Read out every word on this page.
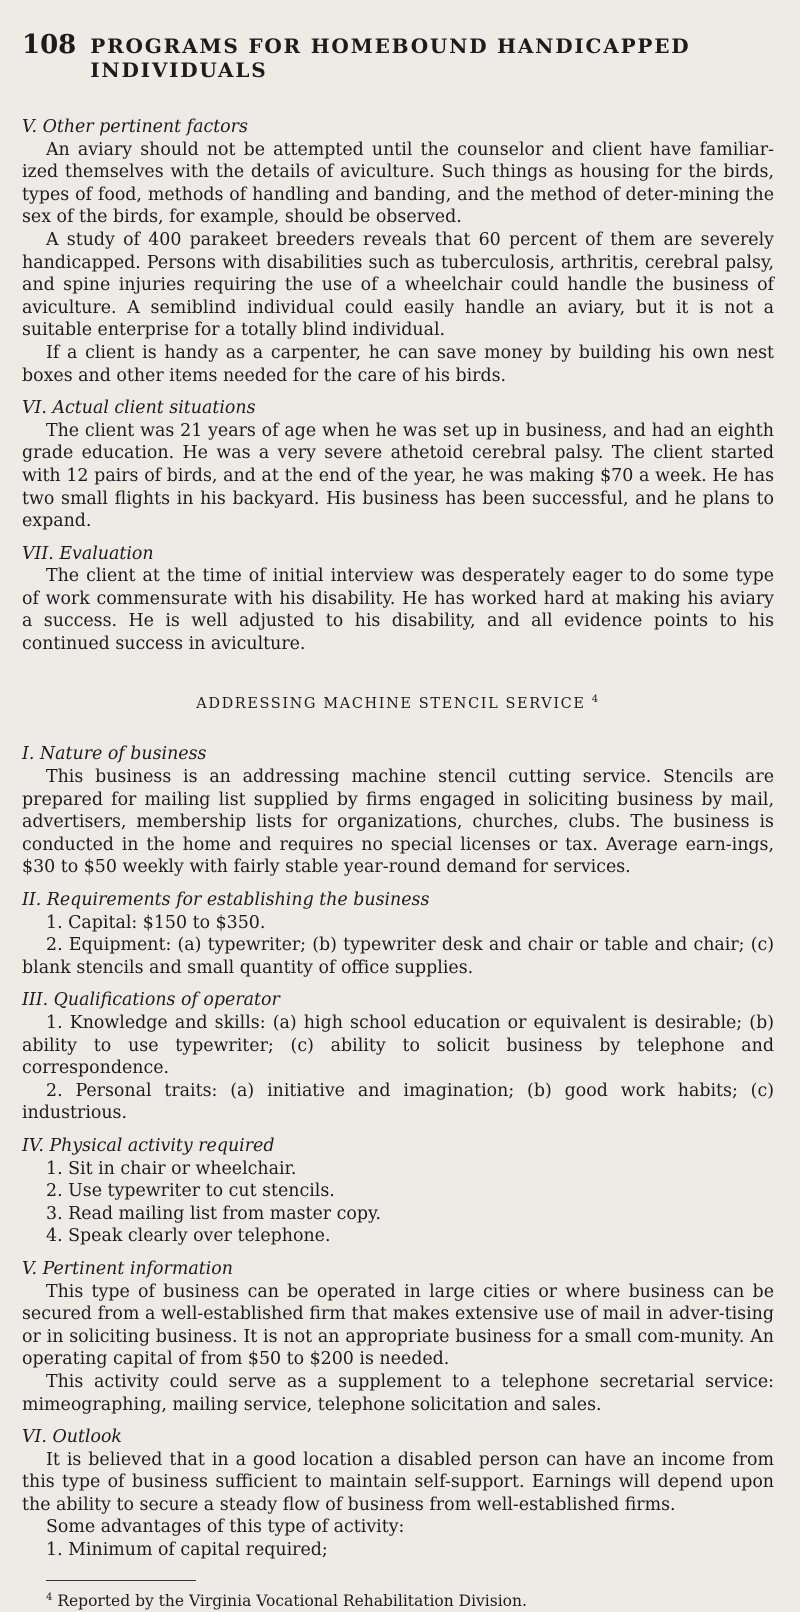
108 PROGRAMS FOR HOMEBOUND HANDICAPPED INDIVIDUALS

V. Other pertinent factors

An aviary should not be attempted until the counselor and client have familiar-ized themselves with the details of aviculture. Such things as housing for the birds, types of food, methods of handling and banding, and the method of deter-mining the sex of the birds, for example, should be observed.

A study of 400 parakeet breeders reveals that 60 percent of them are severely handicapped. Persons with disabilities such as tuberculosis, arthritis, cerebral palsy, and spine injuries requiring the use of a wheelchair could handle the business of aviculture. A semiblind individual could easily handle an aviary, but it is not a suitable enterprise for a totally blind individual.

If a client is handy as a carpenter, he can save money by building his own nest boxes and other items needed for the care of his birds.

VI. Actual client situations

The client was 21 years of age when he was set up in business, and had an eighth grade education. He was a very severe athetoid cerebral palsy. The client started with 12 pairs of birds, and at the end of the year, he was making $70 a week. He has two small flights in his backyard. His business has been successful, and he plans to expand.

VII. Evaluation

The client at the time of initial interview was desperately eager to do some type of work commensurate with his disability. He has worked hard at making his aviary a success. He is well adjusted to his disability, and all evidence points to his continued success in aviculture.

ADDRESSING MACHINE STENCIL SERVICE $^4$

I. Nature of business

This business is an addressing machine stencil cutting service. Stencils are prepared for mailing list supplied by firms engaged in soliciting business by mail, advertisers, membership lists for organizations, churches, clubs. The business is conducted in the home and requires no special licenses or tax. Average earn-ings, $30 to $50 weekly with fairly stable year-round demand for services.

II. Requirements for establishing the business

1. Capital: $150 to $350.

2. Equipment: (a) typewriter; (b) typewriter desk and chair or table and chair; (c) blank stencils and small quantity of office supplies.

III. Qualifications of operator

1. Knowledge and skills: (a) high school education or equivalent is desirable; (b) ability to use typewriter; (c) ability to solicit business by telephone and correspondence.

2. Personal traits: (a) initiative and imagination; (b) good work habits; (c) industrious.

IV. Physical activity required

1. Sit in chair or wheelchair.

2. Use typewriter to cut stencils.

3. Read mailing list from master copy.

4. Speak clearly over telephone.

V. Pertinent information

This type of business can be operated in large cities or where business can be secured from a well-established firm that makes extensive use of mail in adver-tising or in soliciting business. It is not an appropriate business for a small com-munity. An operating capital of from $50 to $200 is needed.

This activity could serve as a supplement to a telephone secretarial service: mimeographing, mailing service, telephone solicitation and sales.

VI. Outlook

It is believed that in a good location a disabled person can have an income from this type of business sufficient to maintain self-support. Earnings will depend upon the ability to secure a steady flow of business from well-established firms.

Some advantages of this type of activity:

1. Minimum of capital required;

$^4$ Reported by the Virginia Vocational Rehabilitation Division.
